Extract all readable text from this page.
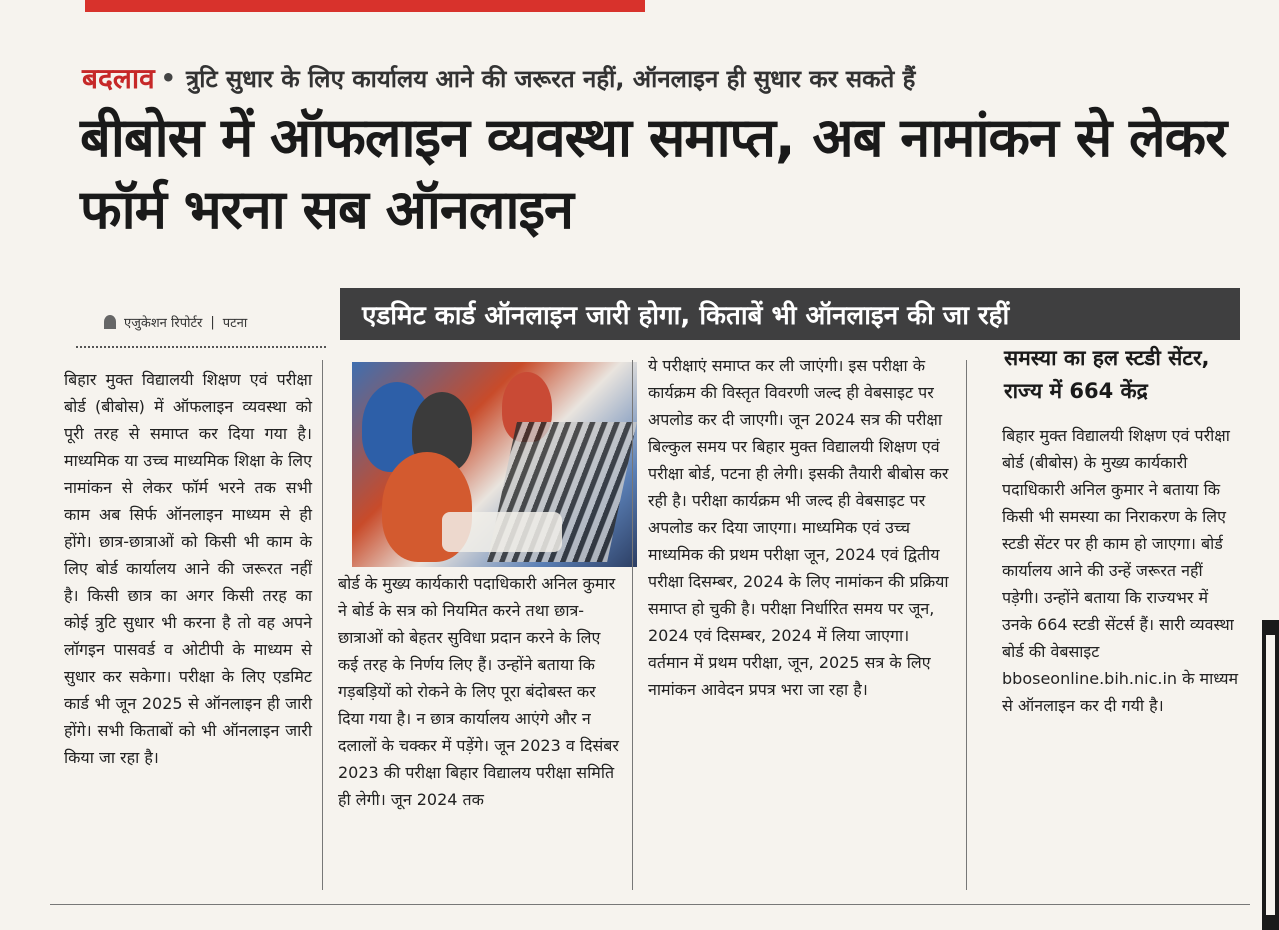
बदलाव • त्रुटि सुधार के लिए कार्यालय आने की जरूरत नहीं, ऑनलाइन ही सुधार कर सकते हैं
बीबोस में ऑफलाइन व्यवस्था समाप्त, अब नामांकन से लेकर फॉर्म भरना सब ऑनलाइन
एजुकेशन रिपोर्टर | पटना	एडमिट कार्ड ऑनलाइन जारी होगा, किताबें भी ऑनलाइन की जा रहीं
बिहार मुक्त विद्यालयी शिक्षण एवं परीक्षा बोर्ड (बीबोस) में ऑफलाइन व्यवस्था को पूरी तरह से समाप्त कर दिया गया है। माध्यमिक या उच्च माध्यमिक शिक्षा के लिए नामांकन से लेकर फॉर्म भरने तक सभी काम अब सिर्फ ऑनलाइन माध्यम से ही होंगे। छात्र-छात्राओं को किसी भी काम के लिए बोर्ड कार्यालय आने की जरूरत नहीं है। किसी छात्र का अगर किसी तरह का कोई त्रुटि सुधार भी करना है तो वह अपने लॉगइन पासवर्ड व ओटीपी के माध्यम से सुधार कर सकेगा। परीक्षा के लिए एडमिट कार्ड भी जून 2025 से ऑनलाइन ही जारी होंगे। सभी किताबों को भी ऑनलाइन जारी किया जा रहा है।
बोर्ड के मुख्य कार्यकारी पदाधिकारी अनिल कुमार ने बोर्ड के सत्र को नियमित करने तथा छात्र-छात्राओं को बेहतर सुविधा प्रदान करने के लिए कई तरह के निर्णय लिए हैं। उन्होंने बताया कि गड़बड़ियों को रोकने के लिए पूरा बंदोबस्त कर दिया गया है। न छात्र कार्यालय आएंगे और न दलालों के चक्कर में पड़ेंगे। जून 2023 व दिसंबर 2023 की परीक्षा बिहार विद्यालय परीक्षा समिति ही लेगी। जून 2024 तक
ये परीक्षाएं समाप्त कर ली जाएंगी। इस परीक्षा के कार्यक्रम की विस्तृत विवरणी जल्द ही वेबसाइट पर अपलोड कर दी जाएगी। जून 2024 सत्र की परीक्षा बिल्कुल समय पर बिहार मुक्त विद्यालयी शिक्षण एवं परीक्षा बोर्ड, पटना ही लेगी। इसकी तैयारी बीबोस कर रही है। परीक्षा कार्यक्रम भी जल्द ही वेबसाइट पर अपलोड कर दिया जाएगा। माध्यमिक एवं उच्च माध्यमिक की प्रथम परीक्षा जून, 2024 एवं द्वितीय परीक्षा दिसम्बर, 2024 के लिए नामांकन की प्रक्रिया समाप्त हो चुकी है। परीक्षा निर्धारित समय पर जून, 2024 एवं दिसम्बर, 2024 में लिया जाएगा। वर्तमान में प्रथम परीक्षा, जून, 2025 सत्र के लिए नामांकन आवेदन प्रपत्र भरा जा रहा है।
समस्या का हल स्टडी सेंटर, राज्य में 664 केंद्र
बिहार मुक्त विद्यालयी शिक्षण एवं परीक्षा बोर्ड (बीबोस) के मुख्य कार्यकारी पदाधिकारी अनिल कुमार ने बताया कि किसी भी समस्या का निराकरण के लिए स्टडी सेंटर पर ही काम हो जाएगा। बोर्ड कार्यालय आने की उन्हें जरूरत नहीं पड़ेगी। उन्होंने बताया कि राज्यभर में उनके 664 स्टडी सेंटर्स हैं। सारी व्यवस्था बोर्ड की वेबसाइट bboseonline.bih.nic.in के माध्यम से ऑनलाइन कर दी गयी है।
